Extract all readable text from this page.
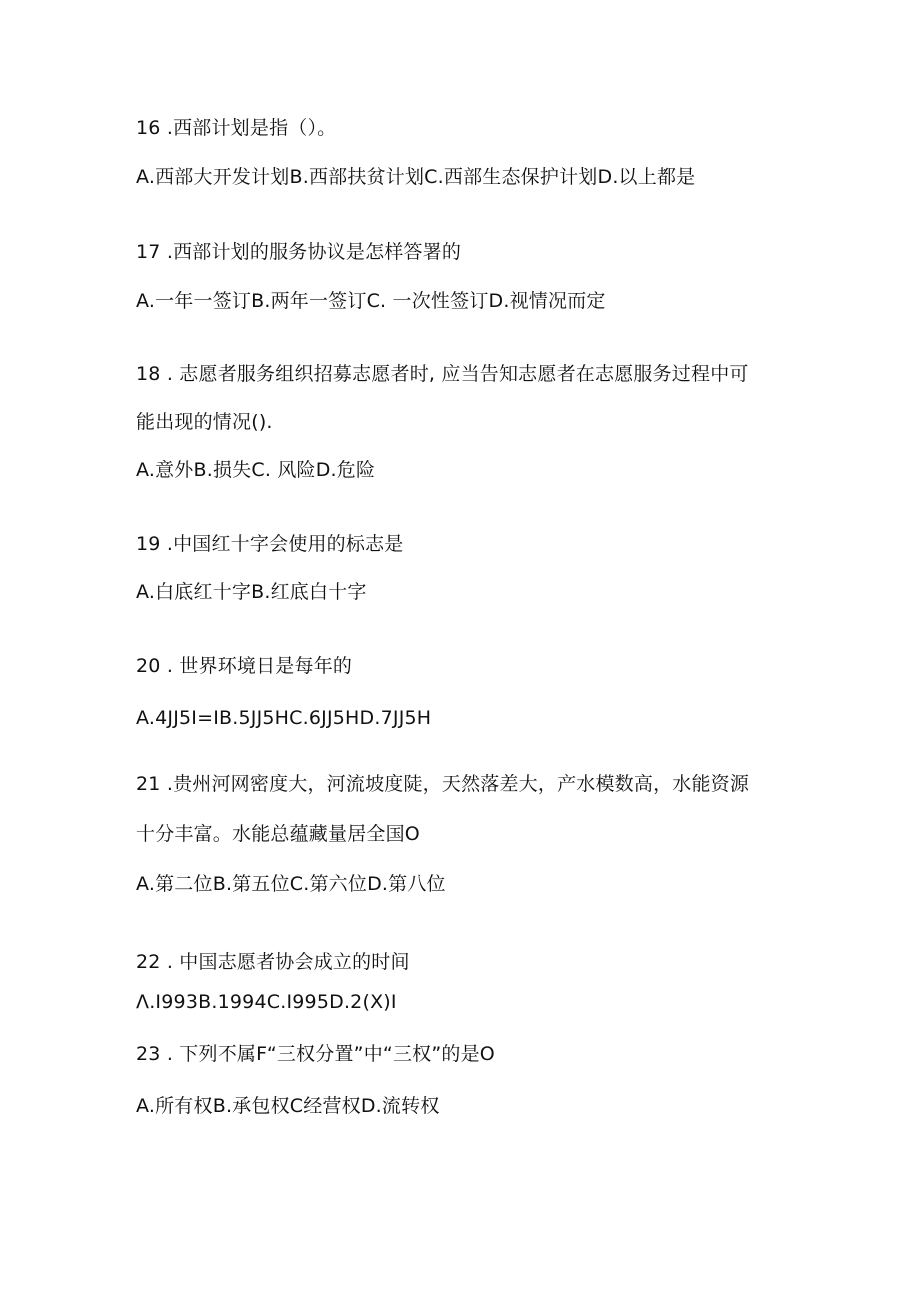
16 .西部计划是指（）。
A.西部大开发计划B.西部扶贫计划C.西部生态保护计划D.以上都是
17 .西部计划的服务协议是怎样答署的
A.一年一签订B.两年一签订C. 一次性签订D.视情况而定
18 . 志愿者服务组织招募志愿者时, 应当告知志愿者在志愿服务过程中可
能出现的情况().
A.意外B.损失C. 风险D.危险
19 .中国红十字会使用的标志是
A.白底红十字B.红底白十字
20 . 世界环境日是每年的
A.4JJ5I=IB.5JJ5HC.6JJ5HD.7JJ5H
21 .贵州河网密度大，河流坡度陡，天然落差大，产水模数高，水能资源
十分丰富。水能总蕴藏量居全国O
A.第二位B.第五位C.第六位D.第八位
22 . 中国志愿者协会成立的时间
Λ.I993B.1994C.I995D.2(X)I
23 . 下列不属F“三权分置”中“三权”的是O
A.所有权B.承包权C经营权D.流转权
